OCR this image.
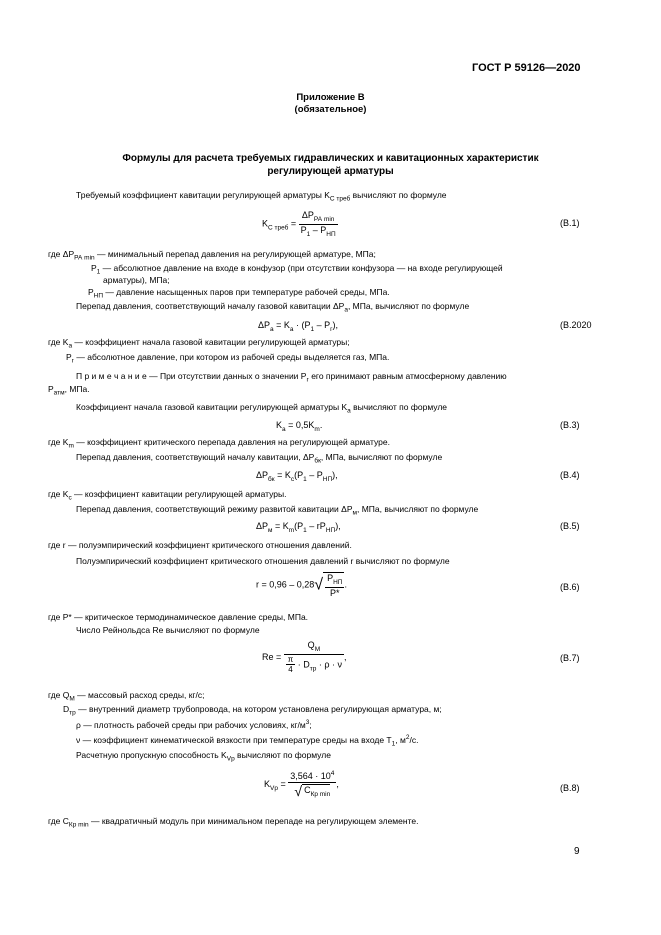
ГОСТ Р 59126—2020
Приложение В
(обязательное)
Формулы для расчета требуемых гидравлических и кавитационных характеристик
регулирующей арматуры
Требуемый коэффициент кавитации регулирующей арматуры $K_{С треб}$ вычисляют по формуле
$K_{С треб} = \frac{\Delta P_{РА min}}{P_1 - P_{НП}}$	(В.1)
где $\Delta P_{РА min}$ — минимальный перепад давления на регулирующей арматуре, МПа;
$P_1$ — абсолютное давление на входе в конфузор (при отсутствии конфузора — на входе регулирующей
арматуры), МПа;
$P_{НП}$ — давление насыщенных паров при температуре рабочей среды, МПа.
Перепад давления, соответствующий началу газовой кавитации $\Delta P_а$, МПа, вычисляют по формуле
$\Delta P_а = K_а \cdot (P_1 - P_г)$,	(В.2020
где $K_а$ — коэффициент начала газовой кавитации регулирующей арматуры;
$P_г$ — абсолютное давление, при котором из рабочей среды выделяется газ, МПа.
П р и м е ч а н и е — При отсутствии данных о значении $P_г$ его принимают равным атмосферному давлению
$P_{атм}$, МПа.
Коэффициент начала газовой кавитации регулирующей арматуры $K_а$ вычисляют по формуле
$K_а = 0,5K_m$.	(В.3)
где $K_m$ — коэффициент критического перепада давления на регулирующей арматуре.
Перепад давления, соответствующий началу кавитации, $\Delta P_{бк}$, МПа, вычисляют по формуле
$\Delta P_{бк} = K_с(P_1 - P_{НП})$,	(В.4)
где $K_с$ — коэффициент кавитации регулирующей арматуры.
Перепад давления, соответствующий режиму развитой кавитации $\Delta P_м$, МПа, вычисляют по формуле
$\Delta P_м = K_m(P_1 - rP_{НП})$,	(В.5)
где r — полуэмпирический коэффициент критического отношения давлений.
Полуэмпирический коэффициент критического отношения давлений r вычисляют по формуле
$r = 0,96 - 0,28√ \frac{P_{НП}}{P*}$ .	(В.6)
где P* — критическое термодинамическое давление среды, МПа.
Число Рейнольдса Re вычисляют по формуле
$Re = \frac{Q_М}{\frac{\pi}{4} \cdot D_{тр} \cdot \rho \cdot \nu}$ ,	(В.7)
где $Q_М$ — массовый расход среды, кг/с;
$D_{тр}$ — внутренний диаметр трубопровода, на котором установлена регулирующая арматура, м;
ρ — плотность рабочей среды при рабочих условиях, $кг/м^3$;
ν — коэффициент кинематической вязкости при температуре среды на входе $T_1$, $м^2/с$.
Расчетную пропускную способность $K_{Vр}$ вычисляют по формуле
$K_{Vр} = \frac{3,564 \cdot 10^4}{√ C_{Кр min}}$ ,	(В.8)
где $C_{Кр min}$ — квадратичный модуль при минимальном перепаде на регулирующем элементе.
9
